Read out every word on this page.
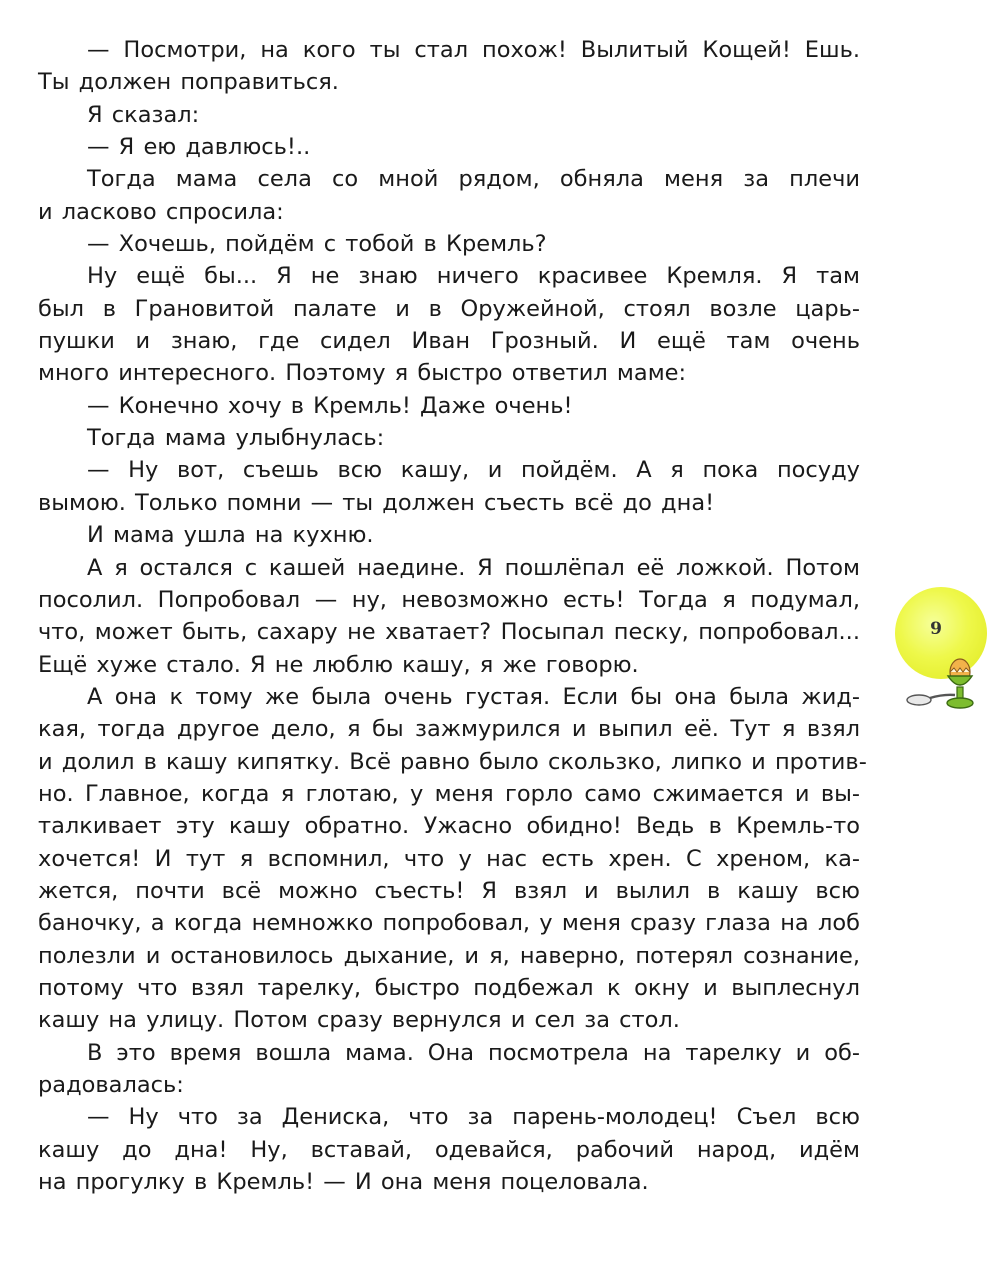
— Посмотри, на кого ты стал похож! Вылитый Кощей! Ешь.
Ты должен поправиться.
Я сказал:
— Я ею давлюсь!..
Тогда мама села со мной рядом, обняла меня за плечи
и ласково спросила:
— Хочешь, пойдём с тобой в Кремль?
Ну ещё бы... Я не знаю ничего красивее Кремля. Я там
был в Грановитой палате и в Оружейной, стоял возле царь-
пушки и знаю, где сидел Иван Грозный. И ещё там очень
много интересного. Поэтому я быстро ответил маме:
— Конечно хочу в Кремль! Даже очень!
Тогда мама улыбнулась:
— Ну вот, съешь всю кашу, и пойдём. А я пока посуду
вымою. Только помни — ты должен съесть всё до дна!
И мама ушла на кухню.
А я остался с кашей наедине. Я пошлёпал её ложкой. Потом
посолил. Попробовал — ну, невозможно есть! Тогда я подумал,
что, может быть, сахару не хватает? Посыпал песку, попробовал...
Ещё хуже стало. Я не люблю кашу, я же говорю.
А она к тому же была очень густая. Если бы она была жид-
кая, тогда другое дело, я бы зажмурился и выпил её. Тут я взял
и долил в кашу кипятку. Всё равно было скользко, липко и против-
но. Главное, когда я глотаю, у меня горло само сжимается и вы-
талкивает эту кашу обратно. Ужасно обидно! Ведь в Кремль-то
хочется! И тут я вспомнил, что у нас есть хрен. С хреном, ка-
жется, почти всё можно съесть! Я взял и вылил в кашу всю
баночку, а когда немножко попробовал, у меня сразу глаза на лоб
полезли и остановилось дыхание, и я, наверно, потерял сознание,
потому что взял тарелку, быстро подбежал к окну и выплеснул
кашу на улицу. Потом сразу вернулся и сел за стол.
В это время вошла мама. Она посмотрела на тарелку и об-
радовалась:
— Ну что за Дениска, что за парень-молодец! Съел всю
кашу до дна! Ну, вставай, одевайся, рабочий народ, идём
на прогулку в Кремль! — И она меня поцеловала.
9
